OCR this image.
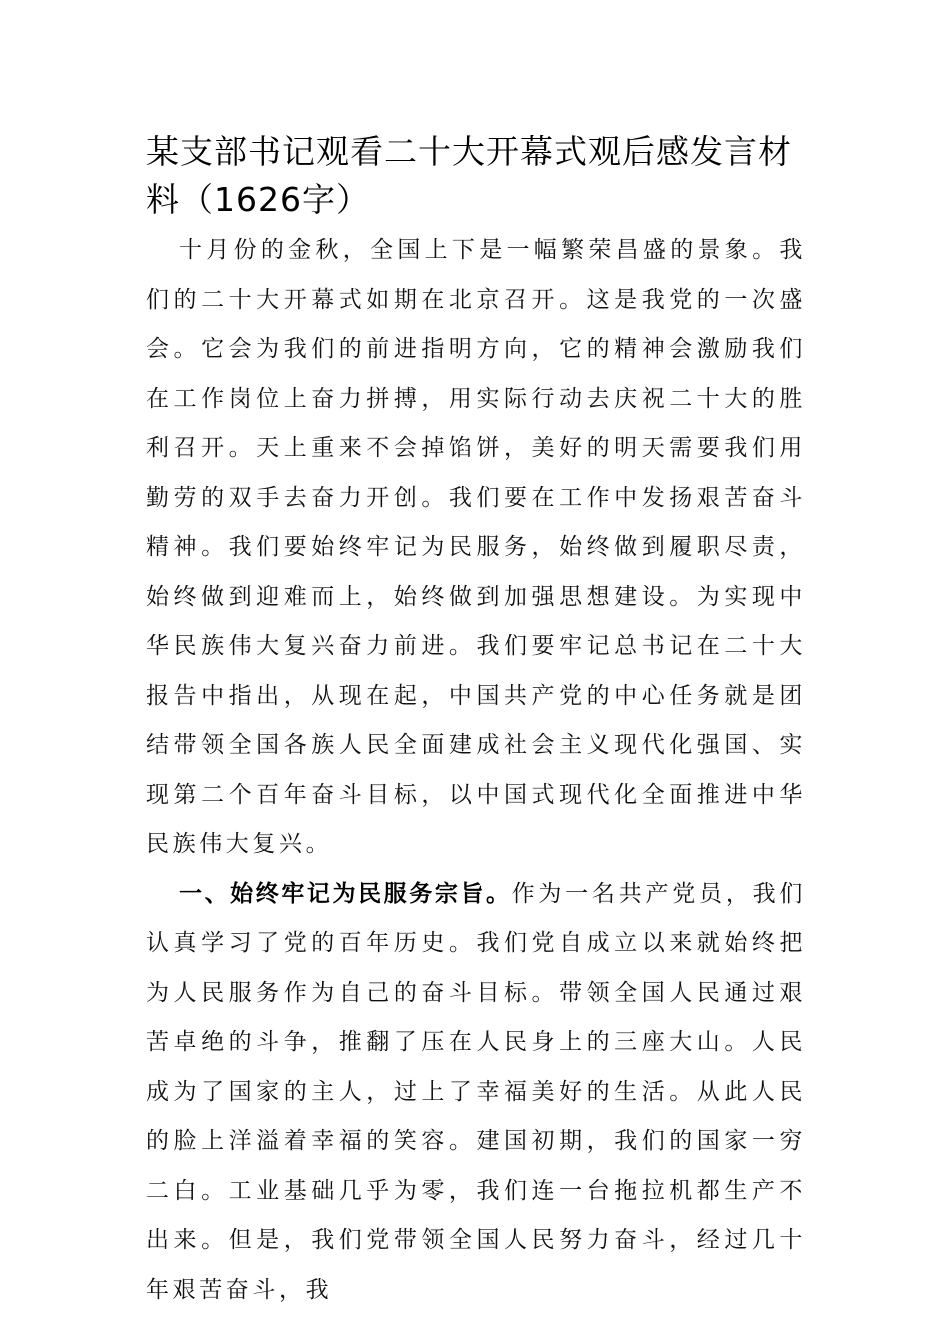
某支部书记观看二十大开幕式观后感发言材料（1626字）

十月份的金秋，全国上下是一幅繁荣昌盛的景象。我们的二十大开幕式如期在北京召开。这是我党的一次盛会。它会为我们的前进指明方向，它的精神会激励我们在工作岗位上奋力拼搏，用实际行动去庆祝二十大的胜利召开。天上重来不会掉馅饼，美好的明天需要我们用勤劳的双手去奋力开创。我们要在工作中发扬艰苦奋斗精神。我们要始终牢记为民服务，始终做到履职尽责，始终做到迎难而上，始终做到加强思想建设。为实现中华民族伟大复兴奋力前进。我们要牢记总书记在二十大报告中指出，从现在起，中国共产党的中心任务就是团结带领全国各族人民全面建成社会主义现代化强国、实现第二个百年奋斗目标，以中国式现代化全面推进中华民族伟大复兴。

一、始终牢记为民服务宗旨。作为一名共产党员，我们认真学习了党的百年历史。我们党自成立以来就始终把为人民服务作为自己的奋斗目标。带领全国人民通过艰苦卓绝的斗争，推翻了压在人民身上的三座大山。人民成为了国家的主人，过上了幸福美好的生活。从此人民的脸上洋溢着幸福的笑容。建国初期，我们的国家一穷二白。工业基础几乎为零，我们连一台拖拉机都生产不出来。但是，我们党带领全国人民努力奋斗，经过几十年艰苦奋斗，我
